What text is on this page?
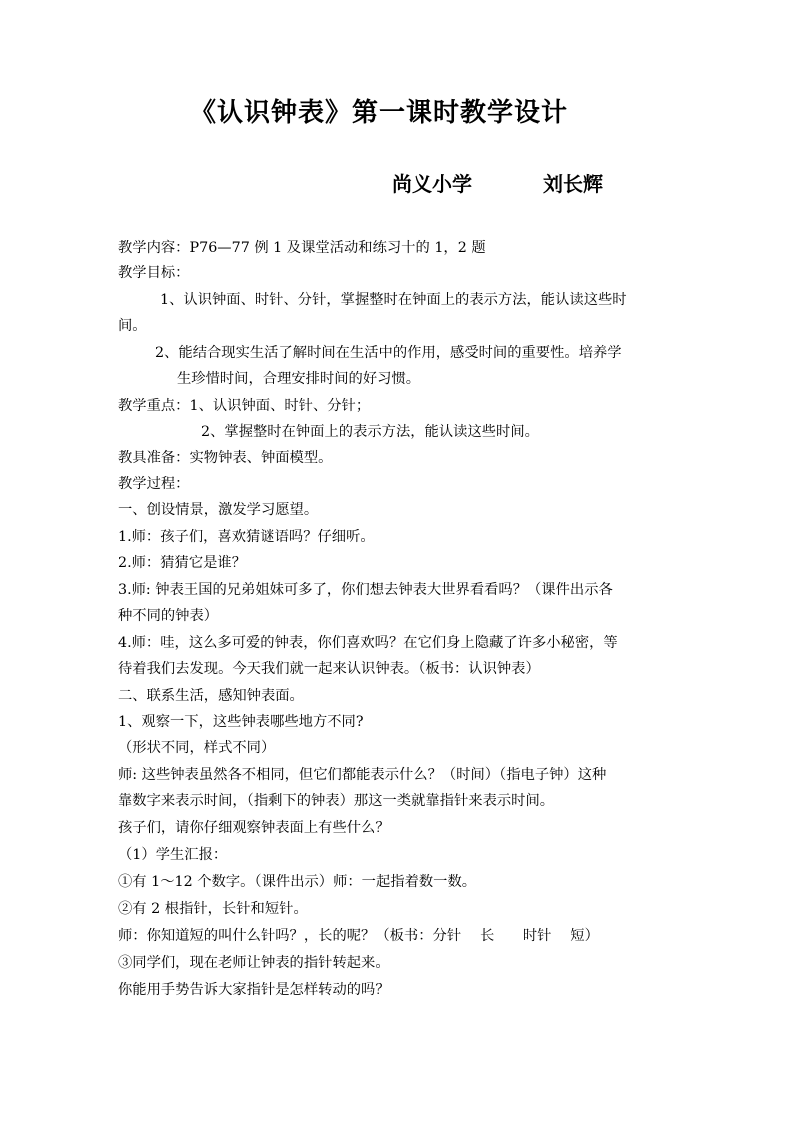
《认识钟表》第一课时教学设计
尚义小学	刘长辉
教学内容：P76—77 例 1 及课堂活动和练习十的 1，2 题
教学目标：
1、认识钟面、时针、分针，掌握整时在钟面上的表示方法，能认读这些时
间。
2、能结合现实生活了解时间在生活中的作用，感受时间的重要性。培养学
生珍惜时间，合理安排时间的好习惯。
教学重点：1、认识钟面、时针、分针；
2、掌握整时在钟面上的表示方法，能认读这些时间。
教具准备：实物钟表、钟面模型。
教学过程：
一、创设情景，激发学习愿望。
1.师：孩子们，喜欢猜谜语吗？仔细听。
2.师：猜猜它是谁？
3.师: 钟表王国的兄弟姐妹可多了，你们想去钟表大世界看看吗？（课件出示各
种不同的钟表）
4.师：哇，这么多可爱的钟表，你们喜欢吗？在它们身上隐藏了许多小秘密，等
待着我们去发现。今天我们就一起来认识钟表。（板书：认识钟表）
二、联系生活，感知钟表面。
1、观察一下，这些钟表哪些地方不同?
（形状不同，样式不同）
师: 这些钟表虽然各不相同，但它们都能表示什么？（时间）（指电子钟）这种
靠数字来表示时间，（指剩下的钟表）那这一类就靠指针来表示时间。
孩子们，请你仔细观察钟表面上有些什么？
（1）学生汇报：
①有 1～12 个数字。（课件出示）师：一起指着数一数。
②有 2 根指针，长针和短针。
师：你知道短的叫什么针吗？，长的呢？（板书：分针　 长　　时针　 短）
③同学们，现在老师让钟表的指针转起来。
你能用手势告诉大家指针是怎样转动的吗？
